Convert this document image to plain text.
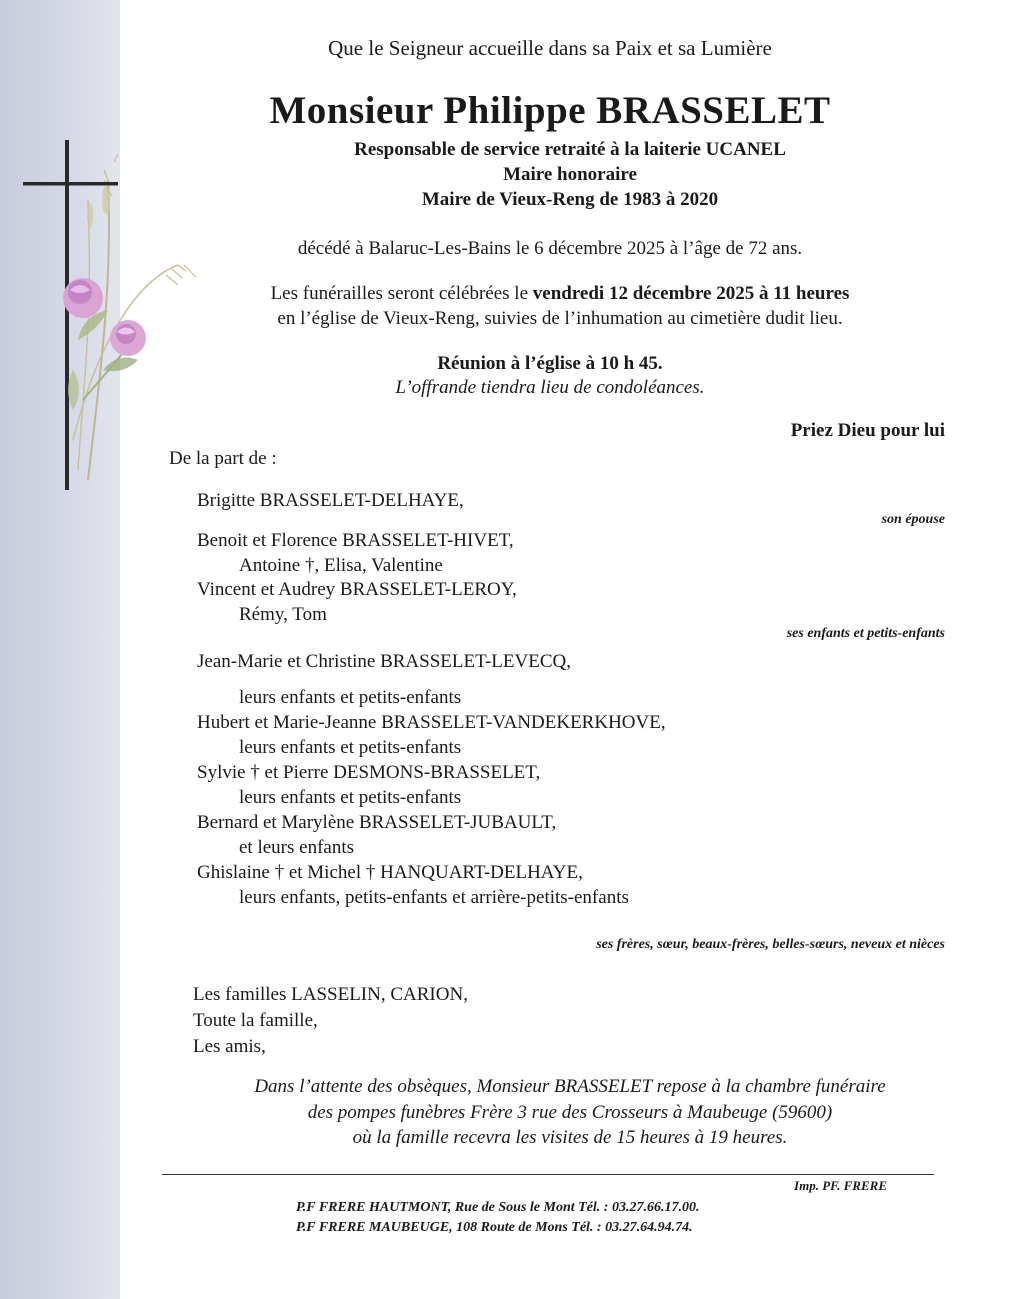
Que le Seigneur accueille dans sa Paix et sa Lumière
Monsieur Philippe BRASSELET
Responsable de service retraité à la laiterie UCANEL
Maire honoraire
Maire de Vieux-Reng de 1983 à 2020
décédé à Balaruc-Les-Bains le 6 décembre 2025 à l’âge de 72 ans.
Les funérailles seront célébrées le vendredi 12 décembre 2025 à 11 heures
en l’église de Vieux-Reng, suivies de l’inhumation au cimetière dudit lieu.
Réunion à l’église à 10 h 45.
L’offrande tiendra lieu de condoléances.
Priez Dieu pour lui
De la part de :
Brigitte BRASSELET-DELHAYE,
son épouse
Benoit et Florence BRASSELET-HIVET,
Antoine †, Elisa, Valentine
Vincent et Audrey BRASSELET-LEROY,
Rémy, Tom
ses enfants et petits-enfants
Jean-Marie et Christine BRASSELET-LEVECQ,
leurs enfants et petits-enfants
Hubert et Marie-Jeanne BRASSELET-VANDEKERKHOVE,
leurs enfants et petits-enfants
Sylvie † et Pierre DESMONS-BRASSELET,
leurs enfants et petits-enfants
Bernard et Marylène BRASSELET-JUBAULT,
et leurs enfants
Ghislaine † et Michel † HANQUART-DELHAYE,
leurs enfants, petits-enfants et arrière-petits-enfants
ses frères, sœur, beaux-frères, belles-sœurs, neveux et nièces
Les familles LASSELIN, CARION,
Toute la famille,
Les amis,
Dans l’attente des obsèques, Monsieur BRASSELET repose à la chambre funéraire
des pompes funèbres Frère 3 rue des Crosseurs à Maubeuge (59600)
où la famille recevra les visites de 15 heures à 19 heures.
Imp. PF. FRERE
P.F FRERE HAUTMONT, Rue de Sous le Mont Tél. : 03.27.66.17.00.
P.F FRERE MAUBEUGE, 108 Route de Mons Tél. : 03.27.64.94.74.
